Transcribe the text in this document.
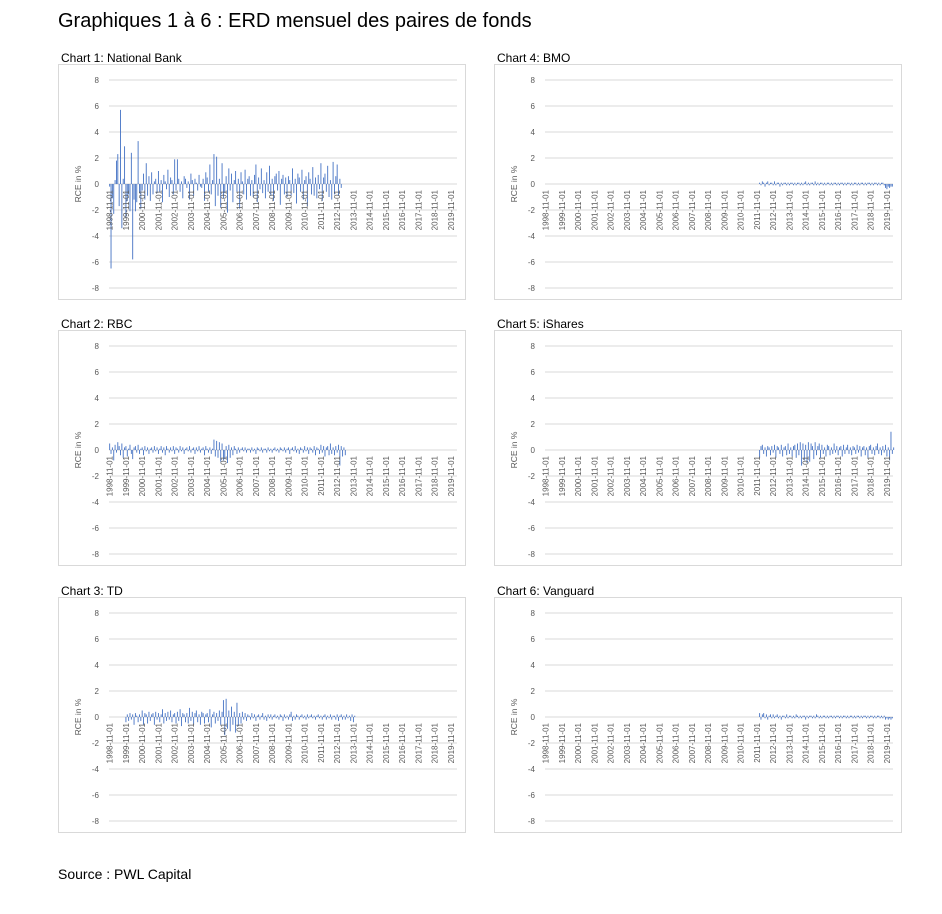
Graphiques 1 à 6 : ERD mensuel des paires de fonds
Chart 1: National Bank
8
6
4
2
0
-2
-4
-6
-8
RCE in %
1998-11-01 1999-11-01 2000-11-01 2001-11-01 2002-11-01 2003-11-01 2004-11-01 2005-11-01 2006-11-01 2007-11-01 2008-11-01 2009-11-01 2010-11-01 2011-11-01 2012-11-01 2013-11-01 2014-11-01 2015-11-01 2016-11-01 2017-11-01 2018-11-01 2019-11-01
Chart 2: RBC
8
6
4
2
0
-2
-4
-6
-8
RCE in %
1998-11-01 1999-11-01 2000-11-01 2001-11-01 2002-11-01 2003-11-01 2004-11-01 2005-11-01 2006-11-01 2007-11-01 2008-11-01 2009-11-01 2010-11-01 2011-11-01 2012-11-01 2013-11-01 2014-11-01 2015-11-01 2016-11-01 2017-11-01 2018-11-01 2019-11-01
Chart 3: TD
8
6
4
2
0
-2
-4
-6
-8
RCE in %
1998-11-01 1999-11-01 2000-11-01 2001-11-01 2002-11-01 2003-11-01 2004-11-01 2005-11-01 2006-11-01 2007-11-01 2008-11-01 2009-11-01 2010-11-01 2011-11-01 2012-11-01 2013-11-01 2014-11-01 2015-11-01 2016-11-01 2017-11-01 2018-11-01 2019-11-01
Chart 4: BMO
8
6
4
2
0
-2
-4
-6
-8
RCE in %
1998-11-01 1999-11-01 2000-11-01 2001-11-01 2002-11-01 2003-11-01 2004-11-01 2005-11-01 2006-11-01 2007-11-01 2008-11-01 2009-11-01 2010-11-01 2011-11-01 2012-11-01 2013-11-01 2014-11-01 2015-11-01 2016-11-01 2017-11-01 2018-11-01 2019-11-01
Chart 5: iShares
8
6
4
2
0
-2
-4
-6
-8
RCE in %
1998-11-01 1999-11-01 2000-11-01 2001-11-01 2002-11-01 2003-11-01 2004-11-01 2005-11-01 2006-11-01 2007-11-01 2008-11-01 2009-11-01 2010-11-01 2011-11-01 2012-11-01 2013-11-01 2014-11-01 2015-11-01 2016-11-01 2017-11-01 2018-11-01 2019-11-01
Chart 6: Vanguard
8
6
4
2
0
-2
-4
-6
-8
RCE in %
1998-11-01 1999-11-01 2000-11-01 2001-11-01 2002-11-01 2003-11-01 2004-11-01 2005-11-01 2006-11-01 2007-11-01 2008-11-01 2009-11-01 2010-11-01 2011-11-01 2012-11-01 2013-11-01 2014-11-01 2015-11-01 2016-11-01 2017-11-01 2018-11-01 2019-11-01
Source : PWL Capital
